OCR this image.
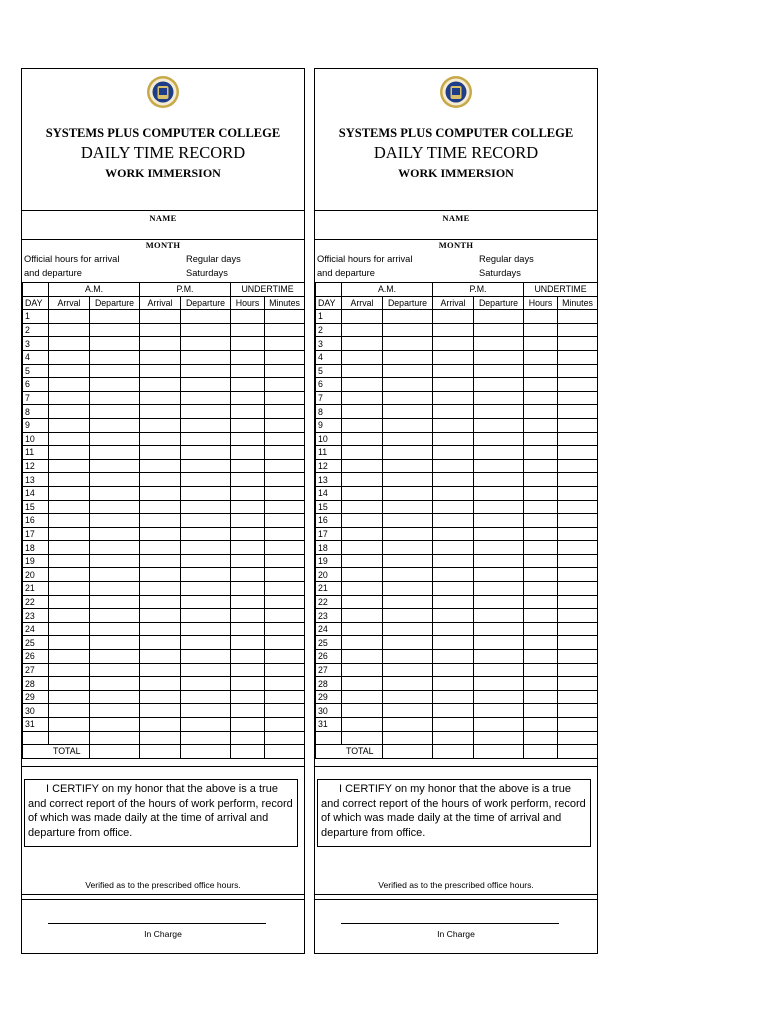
SYSTEMS PLUS COMPUTER COLLEGE
DAILY TIME RECORD
WORK IMMERSION
NAME
MONTH
Official hours for arrival
and departure
Regular days
Saturdays
	A.M.		P.M.		UNDERTIME	
DAY	Arrval	Departure	Arrival	Departure	Hours	Minutes
1						
2						
3						
4						
5						
6						
7						
8						
9						
10						
11						
12						
13						
14						
15						
16						
17						
18						
19						
20						
21						
22						
23						
24						
25						
26						
27						
28						
29						
30						
31						

TOTAL						
I CERTIFY on my honor that the above is a true and correct report of the hours of work perform, record of which was made daily at the time of arrival and departure from office.
Verified as to the prescribed office hours.
In Charge
SYSTEMS PLUS COMPUTER COLLEGE
DAILY TIME RECORD
WORK IMMERSION
NAME
MONTH
Official hours for arrival
and departure
Regular days
Saturdays
	A.M.		P.M.		UNDERTIME	
DAY	Arrval	Departure	Arrival	Departure	Hours	Minutes
1						
2						
3						
4						
5						
6						
7						
8						
9						
10						
11						
12						
13						
14						
15						
16						
17						
18						
19						
20						
21						
22						
23						
24						
25						
26						
27						
28						
29						
30						
31						

TOTAL						
I CERTIFY on my honor that the above is a true and correct report of the hours of work perform, record of which was made daily at the time of arrival and departure from office.
Verified as to the prescribed office hours.
In Charge
